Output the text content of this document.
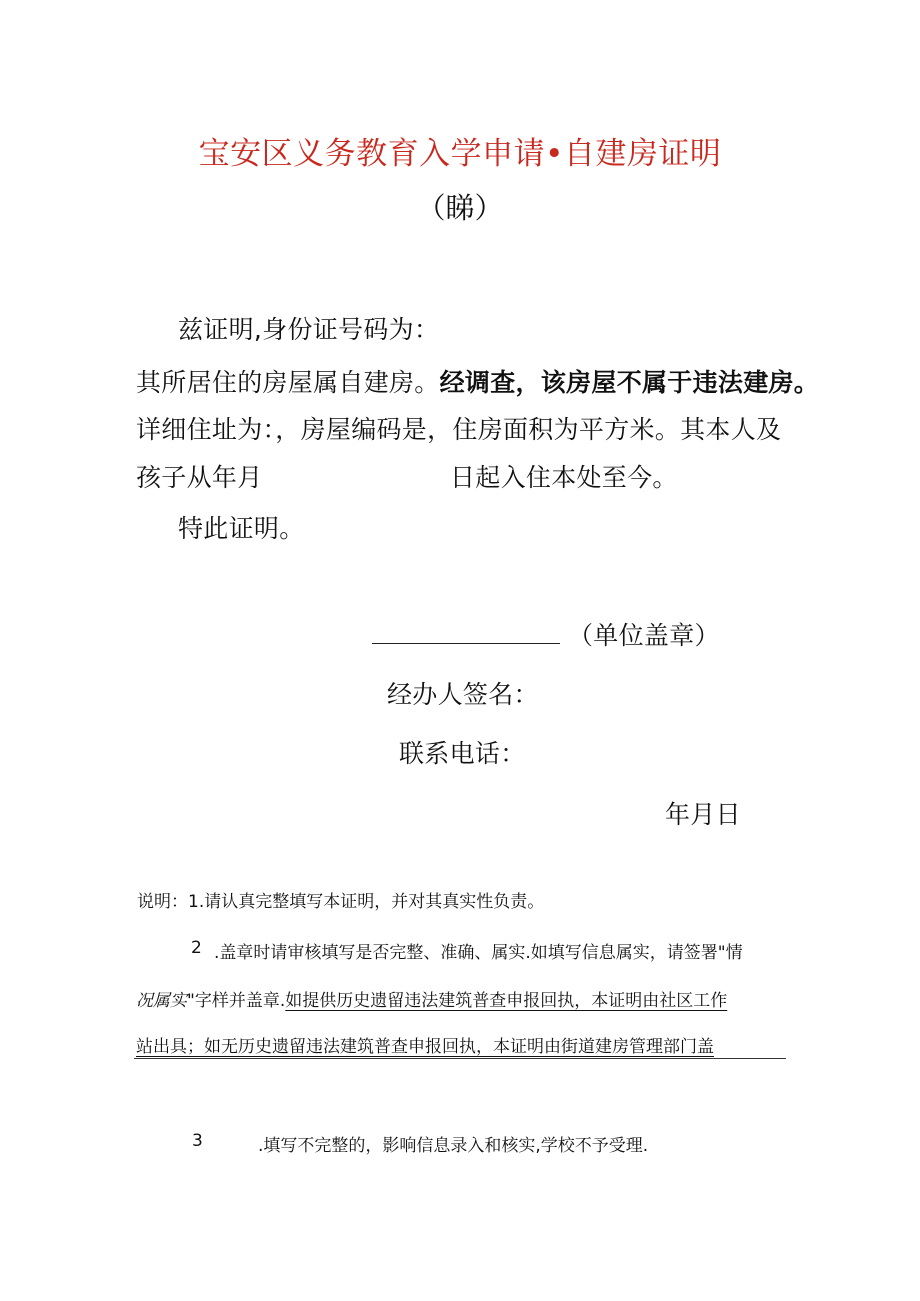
宝安区义务教育入学申请•自建房证明
（睇）
兹证明,身份证号码为：
其所居住的房屋属自建房。经调查，该房屋不属于违法建房。
详细住址为：，房屋编码是，住房面积为平方米。其本人及
孩子从年月	日起入住本处至今。
特此证明。
（单位盖章）
经办人签名：
联系电话：
年月日
说明：1.请认真完整填写本证明，并对其真实性负责。
2 .盖章时请审核填写是否完整、准确、属实.如填写信息属实，请签署"情
况属实"字样并盖章.如提供历史遗留违法建筑普查申报回执，本证明由社区工作
站出具；如无历史遗留违法建筑普查申报回执，本证明由街道建房管理部门盖
3	.填写不完整的，影响信息录入和核实,学校不予受理.
